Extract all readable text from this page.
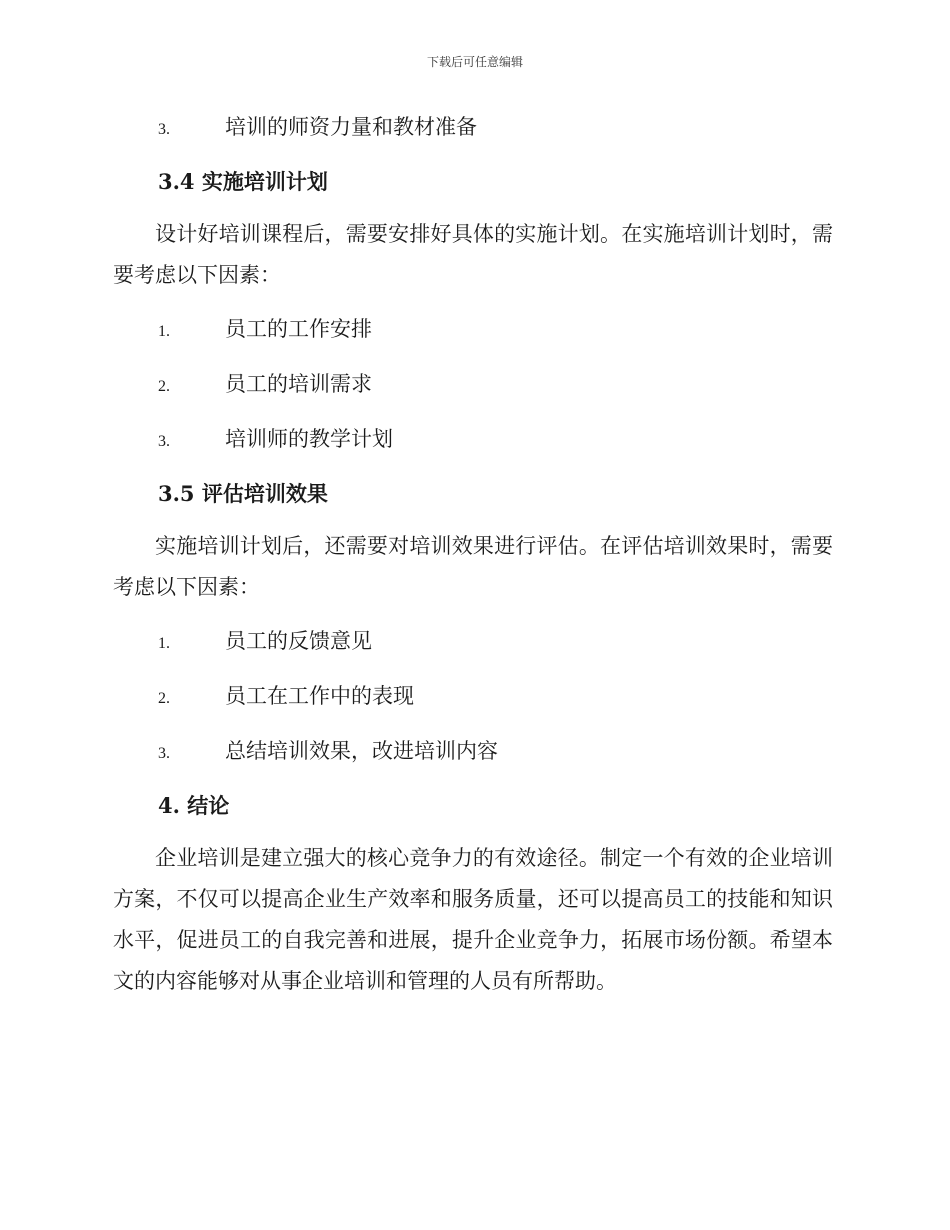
下载后可任意编辑
3.	培训的师资力量和教材准备
3.4 实施培训计划

设计好培训课程后，需要安排好具体的实施计划。在实施培训计划时，需要考虑以下因素：

1.	员工的工作安排
2.	员工的培训需求
3.	培训师的教学计划
3.5 评估培训效果

实施培训计划后，还需要对培训效果进行评估。在评估培训效果时，需要考虑以下因素：

1.	员工的反馈意见
2.	员工在工作中的表现
3.	总结培训效果，改进培训内容
4. 结论

企业培训是建立强大的核心竞争力的有效途径。制定一个有效的企业培训方案，不仅可以提高企业生产效率和服务质量，还可以提高员工的技能和知识水平，促进员工的自我完善和进展，提升企业竞争力，拓展市场份额。希望本文的内容能够对从事企业培训和管理的人员有所帮助。
